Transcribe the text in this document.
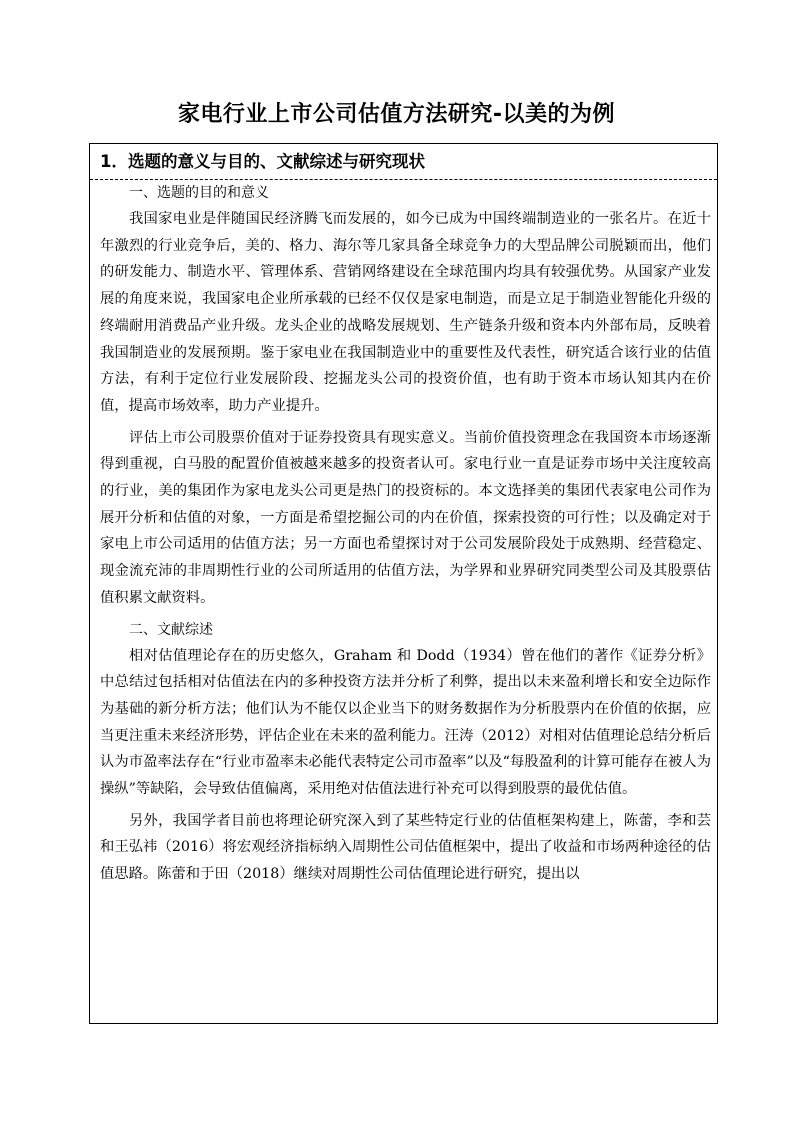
家电行业上市公司估值方法研究-以美的为例
1．选题的意义与目的、文献综述与研究现状

一、选题的目的和意义

我国家电业是伴随国民经济腾飞而发展的，如今已成为中国终端制造业的一张名片。在近十年激烈的行业竞争后，美的、格力、海尔等几家具备全球竞争力的大型品牌公司脱颖而出，他们的研发能力、制造水平、管理体系、营销网络建设在全球范围内均具有较强优势。从国家产业发展的角度来说，我国家电企业所承载的已经不仅仅是家电制造，而是立足于制造业智能化升级的终端耐用消费品产业升级。龙头企业的战略发展规划、生产链条升级和资本内外部布局，反映着我国制造业的发展预期。鉴于家电业在我国制造业中的重要性及代表性，研究适合该行业的估值方法，有利于定位行业发展阶段、挖掘龙头公司的投资价值，也有助于资本市场认知其内在价值，提高市场效率，助力产业提升。

评估上市公司股票价值对于证券投资具有现实意义。当前价值投资理念在我国资本市场逐渐得到重视，白马股的配置价值被越来越多的投资者认可。家电行业一直是证券市场中关注度较高的行业，美的集团作为家电龙头公司更是热门的投资标的。本文选择美的集团代表家电公司作为展开分析和估值的对象，一方面是希望挖掘公司的内在价值，探索投资的可行性；以及确定对于家电上市公司适用的估值方法；另一方面也希望探讨对于公司发展阶段处于成熟期、经营稳定、现金流充沛的非周期性行业的公司所适用的估值方法，为学界和业界研究同类型公司及其股票估值积累文献资料。

二、文献综述

相对估值理论存在的历史悠久，Graham 和 Dodd（1934）曾在他们的著作《证券分析》中总结过包括相对估值法在内的多种投资方法并分析了利弊，提出以未来盈利增长和安全边际作为基础的新分析方法；他们认为不能仅以企业当下的财务数据作为分析股票内在价值的依据，应当更注重未来经济形势，评估企业在未来的盈利能力。汪涛（2012）对相对估值理论总结分析后认为市盈率法存在“行业市盈率未必能代表特定公司市盈率”以及“每股盈利的计算可能存在被人为操纵”等缺陷，会导致估值偏离，采用绝对估值法进行补充可以得到股票的最优估值。

另外，我国学者目前也将理论研究深入到了某些特定行业的估值框架构建上，陈蕾，李和芸和王弘祎（2016）将宏观经济指标纳入周期性公司估值框架中，提出了收益和市场两种途径的估值思路。陈蕾和于田（2018）继续对周期性公司估值理论进行研究，提出以
